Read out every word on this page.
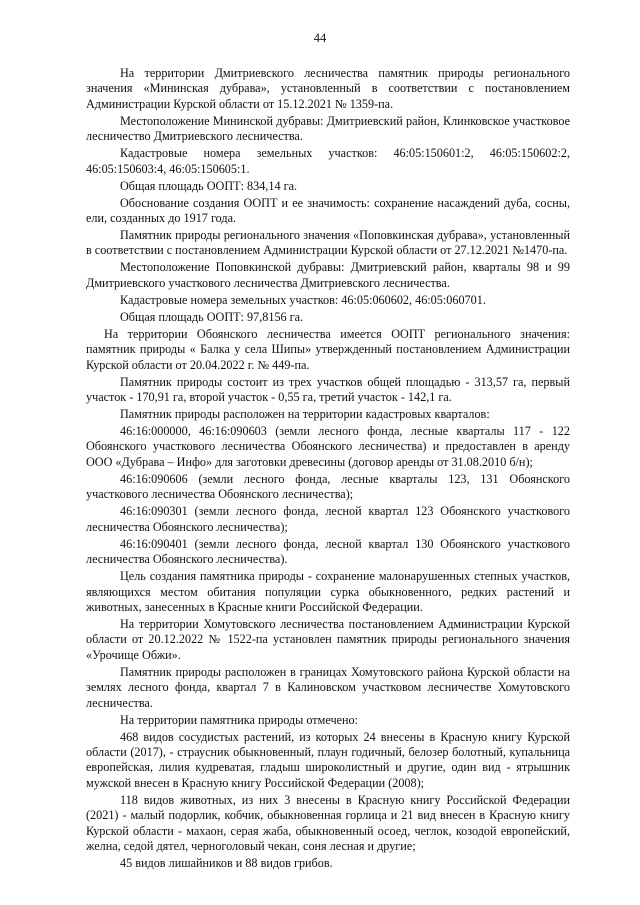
44

На территории Дмитриевского лесничества памятник природы регионального значения «Мининская дубрава», установленный в соответствии с постановлением Администрации Курской области от 15.12.2021 № 1359-па.

Местоположение Мининской дубравы: Дмитриевский район, Клинковское участковое лесничество Дмитриевского лесничества.

Кадастровые номера земельных участков: 46:05:150601:2, 46:05:150602:2, 46:05:150603:4, 46:05:150605:1.

Общая площадь ООПТ: 834,14 га.

Обоснование создания ООПТ и ее значимость: сохранение насаждений дуба, сосны, ели, созданных до 1917 года.

Памятник природы регионального значения «Поповкинская дубрава», установленный в соответствии с постановлением Администрации Курской области от 27.12.2021 №1470-па.

Местоположение Поповкинской дубравы: Дмитриевский район, кварталы 98 и 99 Дмитриевского участкового лесничества Дмитриевского лесничества.

Кадастровые номера земельных участков: 46:05:060602, 46:05:060701.

Общая площадь ООПТ: 97,8156 га.

На территории Обоянского лесничества имеется ООПТ регионального значения: памятник природы « Балка у села Шипы» утвержденный постановлением Администрации Курской области от 20.04.2022 г. № 449-па.

Памятник природы состоит из трех участков общей площадью - 313,57 га, первый участок - 170,91 га, второй участок - 0,55 га, третий участок - 142,1 га.

Памятник природы расположен на территории кадастровых кварталов:

46:16:000000, 46:16:090603 (земли лесного фонда, лесные кварталы 117 - 122 Обоянского участкового лесничества Обоянского лесничества) и предоставлен в аренду ООО «Дубрава – Инфо» для заготовки древесины (договор аренды от 31.08.2010 б/н);

46:16:090606 (земли лесного фонда, лесные кварталы 123, 131 Обоянского участкового лесничества Обоянского лесничества);

46:16:090301 (земли лесного фонда, лесной квартал 123 Обоянского участкового лесничества Обоянского лесничества);

46:16:090401 (земли лесного фонда, лесной квартал 130 Обоянского участкового лесничества Обоянского лесничества).

Цель создания памятника природы - сохранение малонарушенных степных участков, являющихся местом обитания популяции сурка обыкновенного, редких растений и животных, занесенных в Красные книги Российской Федерации.

На территории Хомутовского лесничества постановлением Администрации Курской области от 20.12.2022 № 1522-па установлен памятник природы регионального значения «Урочище Обжи».

Памятник природы расположен в границах Хомутовского района Курской области на землях лесного фонда, квартал 7 в Калиновском участковом лесничестве Хомутовского лесничества.

На территории памятника природы отмечено:

468 видов сосудистых растений, из которых 24 внесены в Красную книгу Курской области (2017), - страусник обыкновенный, плаун годичный, белозер болотный, купальница европейская, лилия кудреватая, гладыш широколистный и другие, один вид - ятрышник мужской внесен в Красную книгу Российской Федерации (2008);

118 видов животных, из них 3 внесены в Красную книгу Российской Федерации (2021) - малый подорлик, кобчик, обыкновенная горлица и 21 вид внесен в Красную книгу Курской области - махаон, серая жаба, обыкновенный осоед, чеглок, козодой европейский, желна, седой дятел, черноголовый чекан, соня лесная и другие;

45 видов лишайников и 88 видов грибов.
